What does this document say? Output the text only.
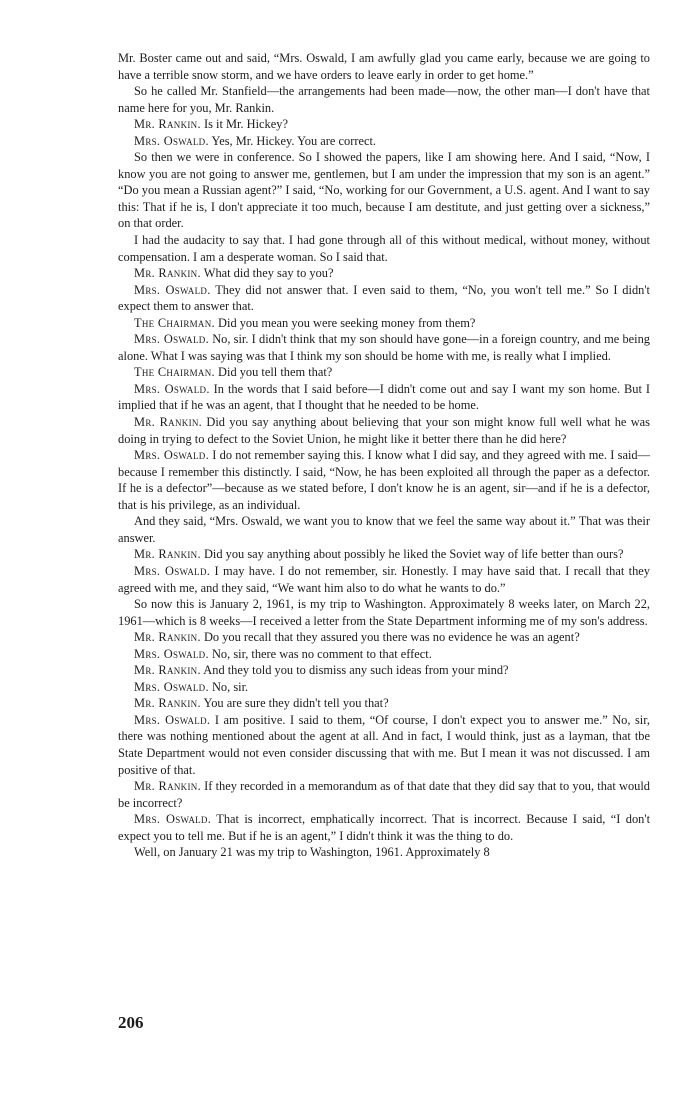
Mr. Boster came out and said, “Mrs. Oswald, I am awfully glad you came early, because we are going to have a terrible snow storm, and we have orders to leave early in order to get home.”

So he called Mr. Stanfield—the arrangements had been made—now, the other man—I don't have that name here for you, Mr. Rankin.

Mr. Rankin. Is it Mr. Hickey?

Mrs. Oswald. Yes, Mr. Hickey. You are correct.

So then we were in conference. So I showed the papers, like I am showing here. And I said, “Now, I know you are not going to answer me, gentlemen, but I am under the impression that my son is an agent.” “Do you mean a Russian agent?” I said, “No, working for our Government, a U.S. agent. And I want to say this: That if he is, I don't appreciate it too much, because I am destitute, and just getting over a sickness,” on that order.

I had the audacity to say that. I had gone through all of this without medical, without money, without compensation. I am a desperate woman. So I said that.

Mr. Rankin. What did they say to you?

Mrs. Oswald. They did not answer that. I even said to them, “No, you won't tell me.” So I didn't expect them to answer that.

The Chairman. Did you mean you were seeking money from them?

Mrs. Oswald. No, sir. I didn't think that my son should have gone—in a foreign country, and me being alone. What I was saying was that I think my son should be home with me, is really what I implied.

The Chairman. Did you tell them that?

Mrs. Oswald. In the words that I said before—I didn't come out and say I want my son home. But I implied that if he was an agent, that I thought that he needed to be home.

Mr. Rankin. Did you say anything about believing that your son might know full well what he was doing in trying to defect to the Soviet Union, he might like it better there than he did here?

Mrs. Oswald. I do not remember saying this. I know what I did say, and they agreed with me. I said—because I remember this distinctly. I said, “Now, he has been exploited all through the paper as a defector. If he is a defector”—because as we stated before, I don't know he is an agent, sir—and if he is a defector, that is his privilege, as an individual.

And they said, “Mrs. Oswald, we want you to know that we feel the same way about it.” That was their answer.

Mr. Rankin. Did you say anything about possibly he liked the Soviet way of life better than ours?

Mrs. Oswald. I may have. I do not remember, sir. Honestly. I may have said that. I recall that they agreed with me, and they said, “We want him also to do what he wants to do.”

So now this is January 2, 1961, is my trip to Washington. Approximately 8 weeks later, on March 22, 1961—which is 8 weeks—I received a letter from the State Department informing me of my son's address.

Mr. Rankin. Do you recall that they assured you there was no evidence he was an agent?

Mrs. Oswald. No, sir, there was no comment to that effect.

Mr. Rankin. And they told you to dismiss any such ideas from your mind?

Mrs. Oswald. No, sir.

Mr. Rankin. You are sure they didn't tell you that?

Mrs. Oswald. I am positive. I said to them, “Of course, I don't expect you to answer me.” No, sir, there was nothing mentioned about the agent at all. And in fact, I would think, just as a layman, that tbe State Department would not even consider discussing that with me. But I mean it was not discussed. I am positive of that.

Mr. Rankin. If they recorded in a memorandum as of that date that they did say that to you, that would be incorrect?

Mrs. Oswald. That is incorrect, emphatically incorrect. That is incorrect. Because I said, “I don't expect you to tell me. But if he is an agent,” I didn't think it was the thing to do.

Well, on January 21 was my trip to Washington, 1961. Approximately 8

206
